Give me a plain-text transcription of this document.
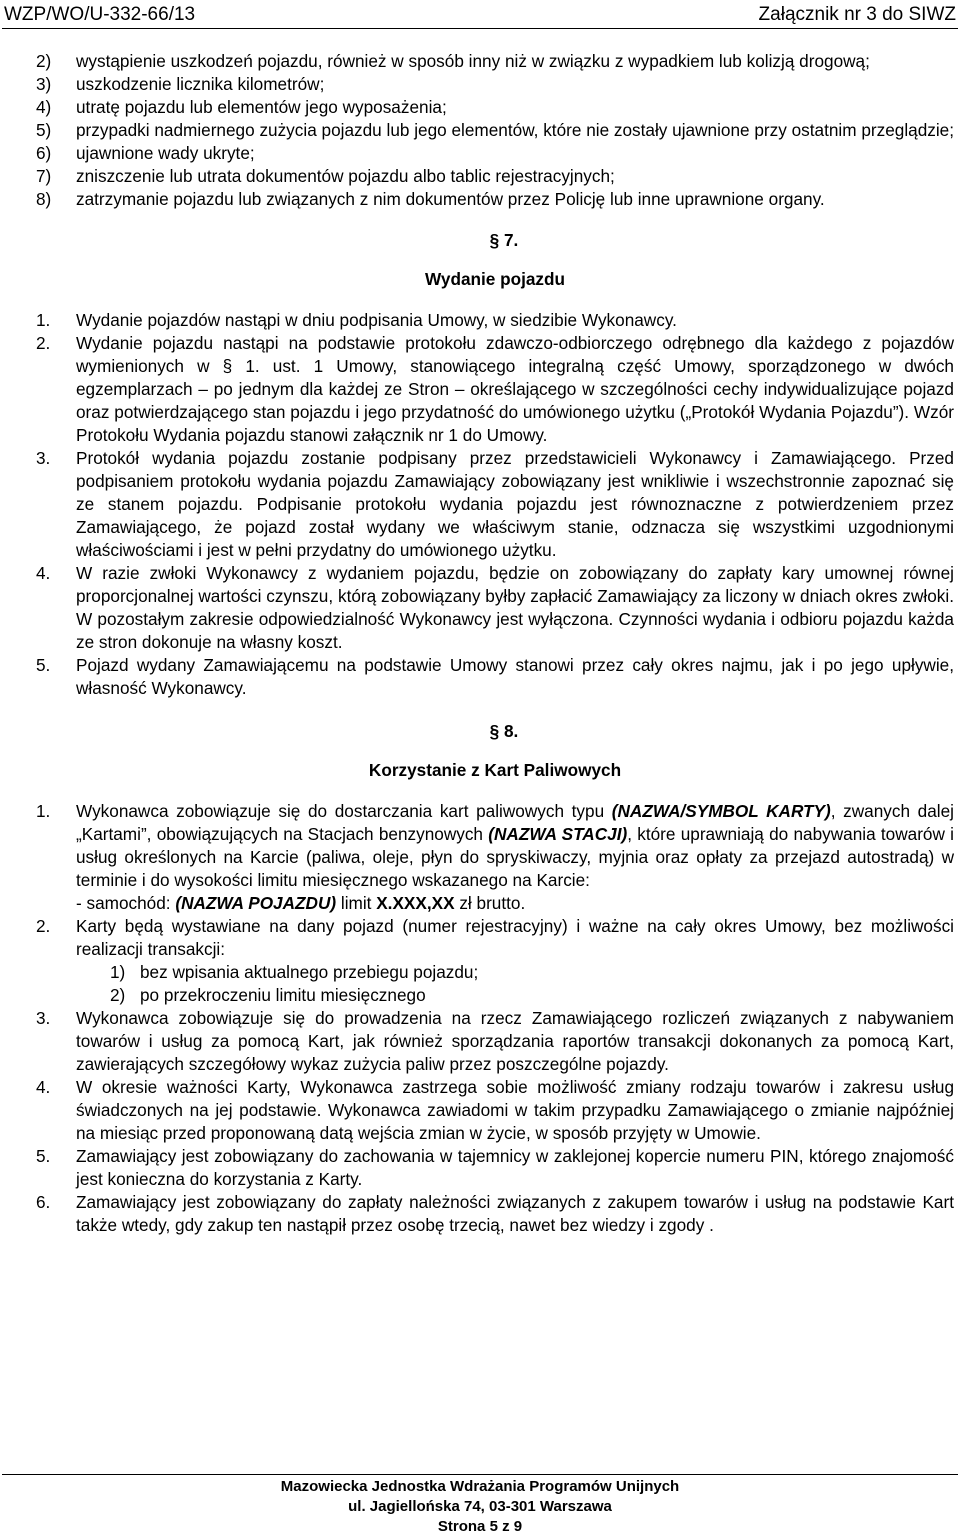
WZP/WO/U-332-66/13	Załącznik nr 3 do SIWZ
2)	wystąpienie uszkodzeń pojazdu, również w sposób inny niż w związku z wypadkiem lub kolizją drogową;
3)	uszkodzenie licznika kilometrów;
4)	utratę pojazdu lub elementów jego wyposażenia;
5)	przypadki nadmiernego zużycia pojazdu lub jego elementów, które nie zostały ujawnione przy ostatnim przeglądzie;
6)	ujawnione wady ukryte;
7)	zniszczenie lub utrata dokumentów pojazdu albo tablic rejestracyjnych;
8)	zatrzymanie pojazdu lub związanych z nim dokumentów przez Policję lub inne uprawnione organy.
§ 7.
Wydanie pojazdu
1.	Wydanie pojazdów nastąpi w dniu podpisania Umowy, w siedzibie Wykonawcy.
2.	Wydanie pojazdu nastąpi na podstawie protokołu zdawczo-odbiorczego odrębnego dla każdego z pojazdów wymienionych w § 1. ust. 1 Umowy, stanowiącego integralną część Umowy, sporządzonego w dwóch egzemplarzach – po jednym dla każdej ze Stron – określającego w szczególności cechy indywidualizujące pojazd oraz potwierdzającego stan pojazdu i jego przydatność do umówionego użytku („Protokół Wydania Pojazdu”). Wzór Protokołu Wydania pojazdu stanowi załącznik nr 1 do Umowy.
3.	Protokół wydania pojazdu zostanie podpisany przez przedstawicieli Wykonawcy i Zamawiającego. Przed podpisaniem protokołu wydania pojazdu Zamawiający zobowiązany jest wnikliwie i wszechstronnie zapoznać się ze stanem pojazdu. Podpisanie protokołu wydania pojazdu jest równoznaczne z potwierdzeniem przez Zamawiającego, że pojazd został wydany we właściwym stanie, odznacza się wszystkimi uzgodnionymi właściwościami i jest w pełni przydatny do umówionego użytku.
4.	W razie zwłoki Wykonawcy z wydaniem pojazdu, będzie on zobowiązany do zapłaty kary umownej równej proporcjonalnej wartości czynszu, którą zobowiązany byłby zapłacić Zamawiający za liczony w dniach okres zwłoki. W pozostałym zakresie odpowiedzialność Wykonawcy jest wyłączona. Czynności wydania i odbioru pojazdu każda ze stron dokonuje na własny koszt.
5.	Pojazd wydany Zamawiającemu na podstawie Umowy stanowi przez cały okres najmu, jak i po jego upływie, własność Wykonawcy.
§ 8.
Korzystanie z Kart Paliwowych
1.	Wykonawca zobowiązuje się do dostarczania kart paliwowych typu (NAZWA/SYMBOL KARTY), zwanych dalej „Kartami”, obowiązujących na Stacjach benzynowych (NAZWA STACJI), które uprawniają do nabywania towarów i usług określonych na Karcie (paliwa, oleje, płyn do spryskiwaczy, myjnia oraz opłaty za przejazd autostradą) w terminie i do wysokości limitu miesięcznego wskazanego na Karcie:
- samochód: (NAZWA POJAZDU) limit X.XXX,XX zł brutto.
2.	Karty będą wystawiane na dany pojazd (numer rejestracyjny) i ważne na cały okres Umowy, bez możliwości realizacji transakcji:
1) bez wpisania aktualnego przebiegu pojazdu;
2) po przekroczeniu limitu miesięcznego
3.	Wykonawca zobowiązuje się do prowadzenia na rzecz Zamawiającego rozliczeń związanych z nabywaniem towarów i usług za pomocą Kart, jak również sporządzania raportów transakcji dokonanych za pomocą Kart, zawierających szczegółowy wykaz zużycia paliw przez poszczególne pojazdy.
4.	W okresie ważności Karty, Wykonawca zastrzega sobie możliwość zmiany rodzaju towarów i zakresu usług świadczonych na jej podstawie. Wykonawca zawiadomi w takim przypadku Zamawiającego o zmianie najpóźniej na miesiąc przed proponowaną datą wejścia zmian w życie, w sposób przyjęty w Umowie.
5.	Zamawiający jest zobowiązany do zachowania w tajemnicy w zaklejonej kopercie numeru PIN, którego znajomość jest konieczna do korzystania z Karty.
6.	Zamawiający jest zobowiązany do zapłaty należności związanych z zakupem towarów i usług na podstawie Kart także wtedy, gdy zakup ten nastąpił przez osobę trzecią, nawet bez wiedzy i zgody .
Mazowiecka Jednostka Wdrażania Programów Unijnych
ul. Jagiellońska 74, 03-301 Warszawa
Strona 5 z 9
